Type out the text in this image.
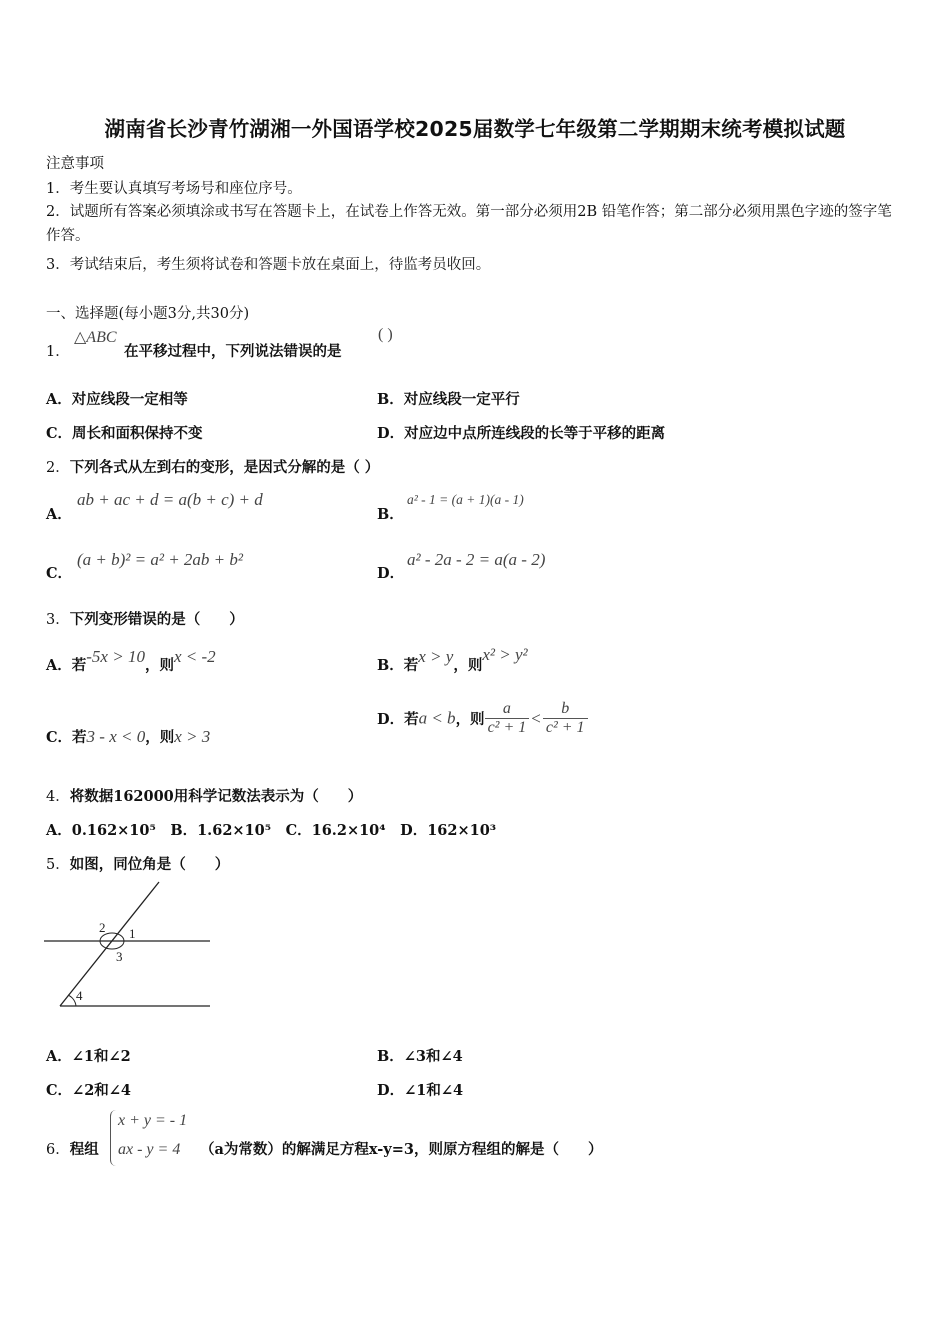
湖南省长沙青竹湖湘一外国语学校2025届数学七年级第二学期期末统考模拟试题
注意事项
1．考生要认真填写考场号和座位序号。
2．试题所有答案必须填涂或书写在答题卡上，在试卷上作答无效。第一部分必须用2B 铅笔作答；第二部分必须用黑色字迹的签字笔作答。
3．考试结束后，考生须将试卷和答题卡放在桌面上，待监考员收回。
一、选择题(每小题3分,共30分)
1．
△ABC
在平移过程中，下列说法错误的是
( )
A．对应线段一定相等	B．对应线段一定平行
C．周长和面积保持不变	D．对应边中点所连线段的长等于平移的距离
2．下列各式从左到右的变形，是因式分解的是（ ）
A．
ab + ac + d = a(b + c) + d
B．
a² - 1 = (a + 1)(a - 1)
C．
(a + b)² = a² + 2ab + b²
D．
a² - 2a - 2 = a(a - 2)
3．下列变形错误的是（　　）
A．若-5x > 10，则x < -2	B．若x > y，则x² > y²
C．若3 - x < 0，则x > 3
D．若a < b，则 $\frac{a}{\text{c² + 1}} < \frac{b}{\text{c² + 1}}$
4．将数据162000用科学记数法表示为（　　）
A．0.162×10⁵　B．1.62×10⁵　C．16.2×10⁴　D．162×10³
5．如图，同位角是（　　）
2 1
3
4
A．∠1和∠2	B．∠3和∠4
C．∠2和∠4	D．∠1和∠4
6．程组
x + y = - 1
ax - y = 4 （a为常数）的解满足方程x-y=3，则原方程组的解是（　　）
